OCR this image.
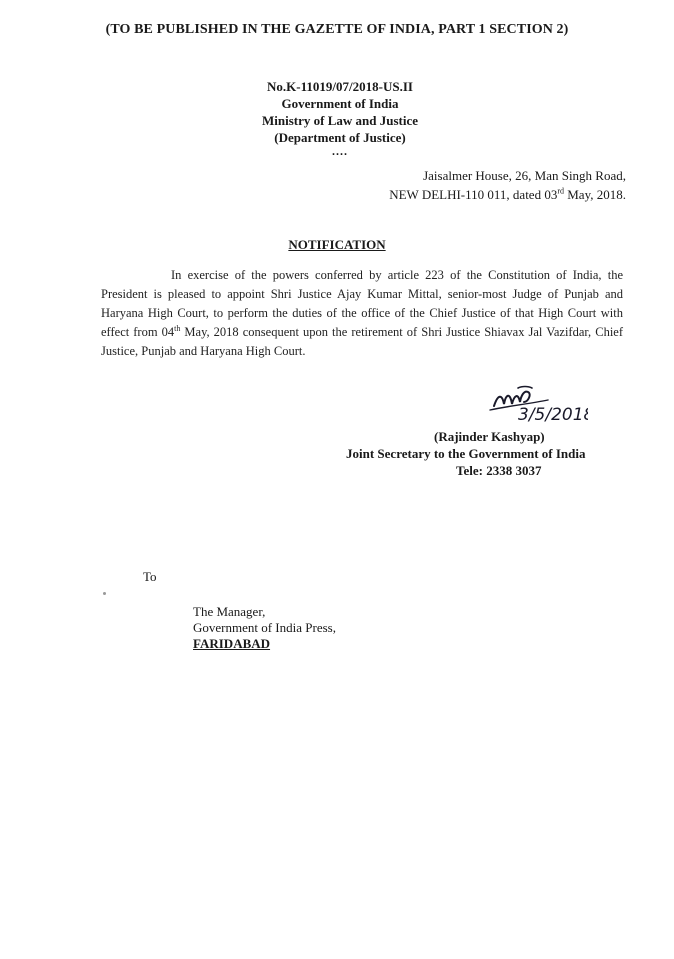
(TO BE PUBLISHED IN THE GAZETTE OF INDIA, PART 1 SECTION 2)
No.K-11019/07/2018-US.II
Government of India
Ministry of Law and Justice
(Department of Justice)
....
Jaisalmer House, 26, Man Singh Road,
NEW DELHI-110 011, dated 03rd May, 2018.
NOTIFICATION
In exercise of the powers conferred by article 223 of the Constitution of India, the President is pleased to appoint Shri Justice Ajay Kumar Mittal, senior-most Judge of Punjab and Haryana High Court, to perform the duties of the office of the Chief Justice of that High Court with effect from 04th May, 2018 consequent upon the retirement of Shri Justice Shiavax Jal Vazifdar, Chief Justice, Punjab and Haryana High Court.
3/5/2018
(Rajinder Kashyap)
Joint Secretary to the Government of India
Tele: 2338 3037
To
The Manager,
Government of India Press,
FARIDABAD
